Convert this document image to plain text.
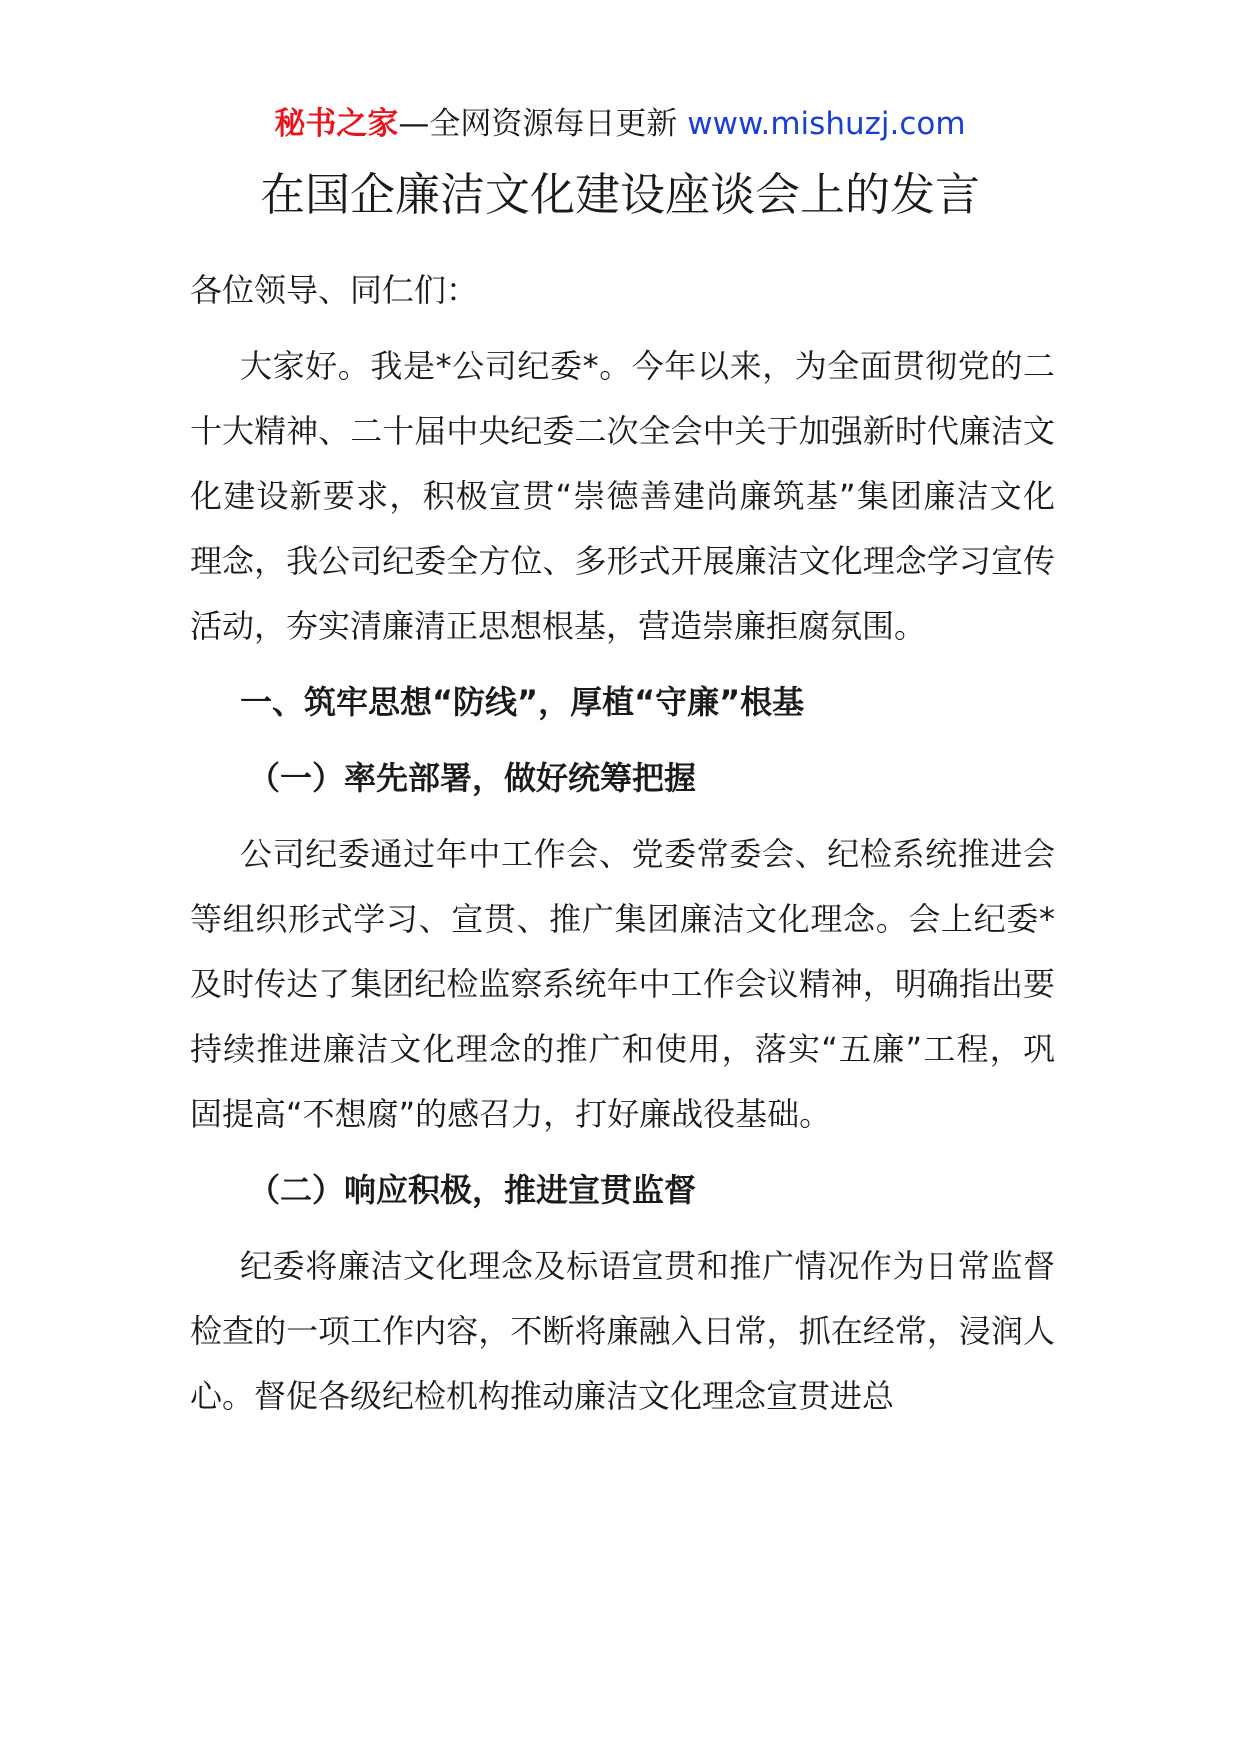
秘书之家—全网资源每日更新 www.mishuzj.com
在国企廉洁文化建设座谈会上的发言

各位领导、同仁们：

大家好。我是*公司纪委*。今年以来，为全面贯彻党的二十大精神、二十届中央纪委二次全会中关于加强新时代廉洁文化建设新要求，积极宣贯“崇德善建尚廉筑基”集团廉洁文化理念，我公司纪委全方位、多形式开展廉洁文化理念学习宣传活动，夯实清廉清正思想根基，营造崇廉拒腐氛围。

一、筑牢思想“防线”，厚植“守廉”根基

（一）率先部署，做好统筹把握

公司纪委通过年中工作会、党委常委会、纪检系统推进会等组织形式学习、宣贯、推广集团廉洁文化理念。会上纪委*及时传达了集团纪检监察系统年中工作会议精神，明确指出要持续推进廉洁文化理念的推广和使用，落实“五廉”工程，巩固提高“不想腐”的感召力，打好廉战役基础。

（二）响应积极，推进宣贯监督

纪委将廉洁文化理念及标语宣贯和推广情况作为日常监督检查的一项工作内容，不断将廉融入日常，抓在经常，浸润人心。督促各级纪检机构推动廉洁文化理念宣贯进总
